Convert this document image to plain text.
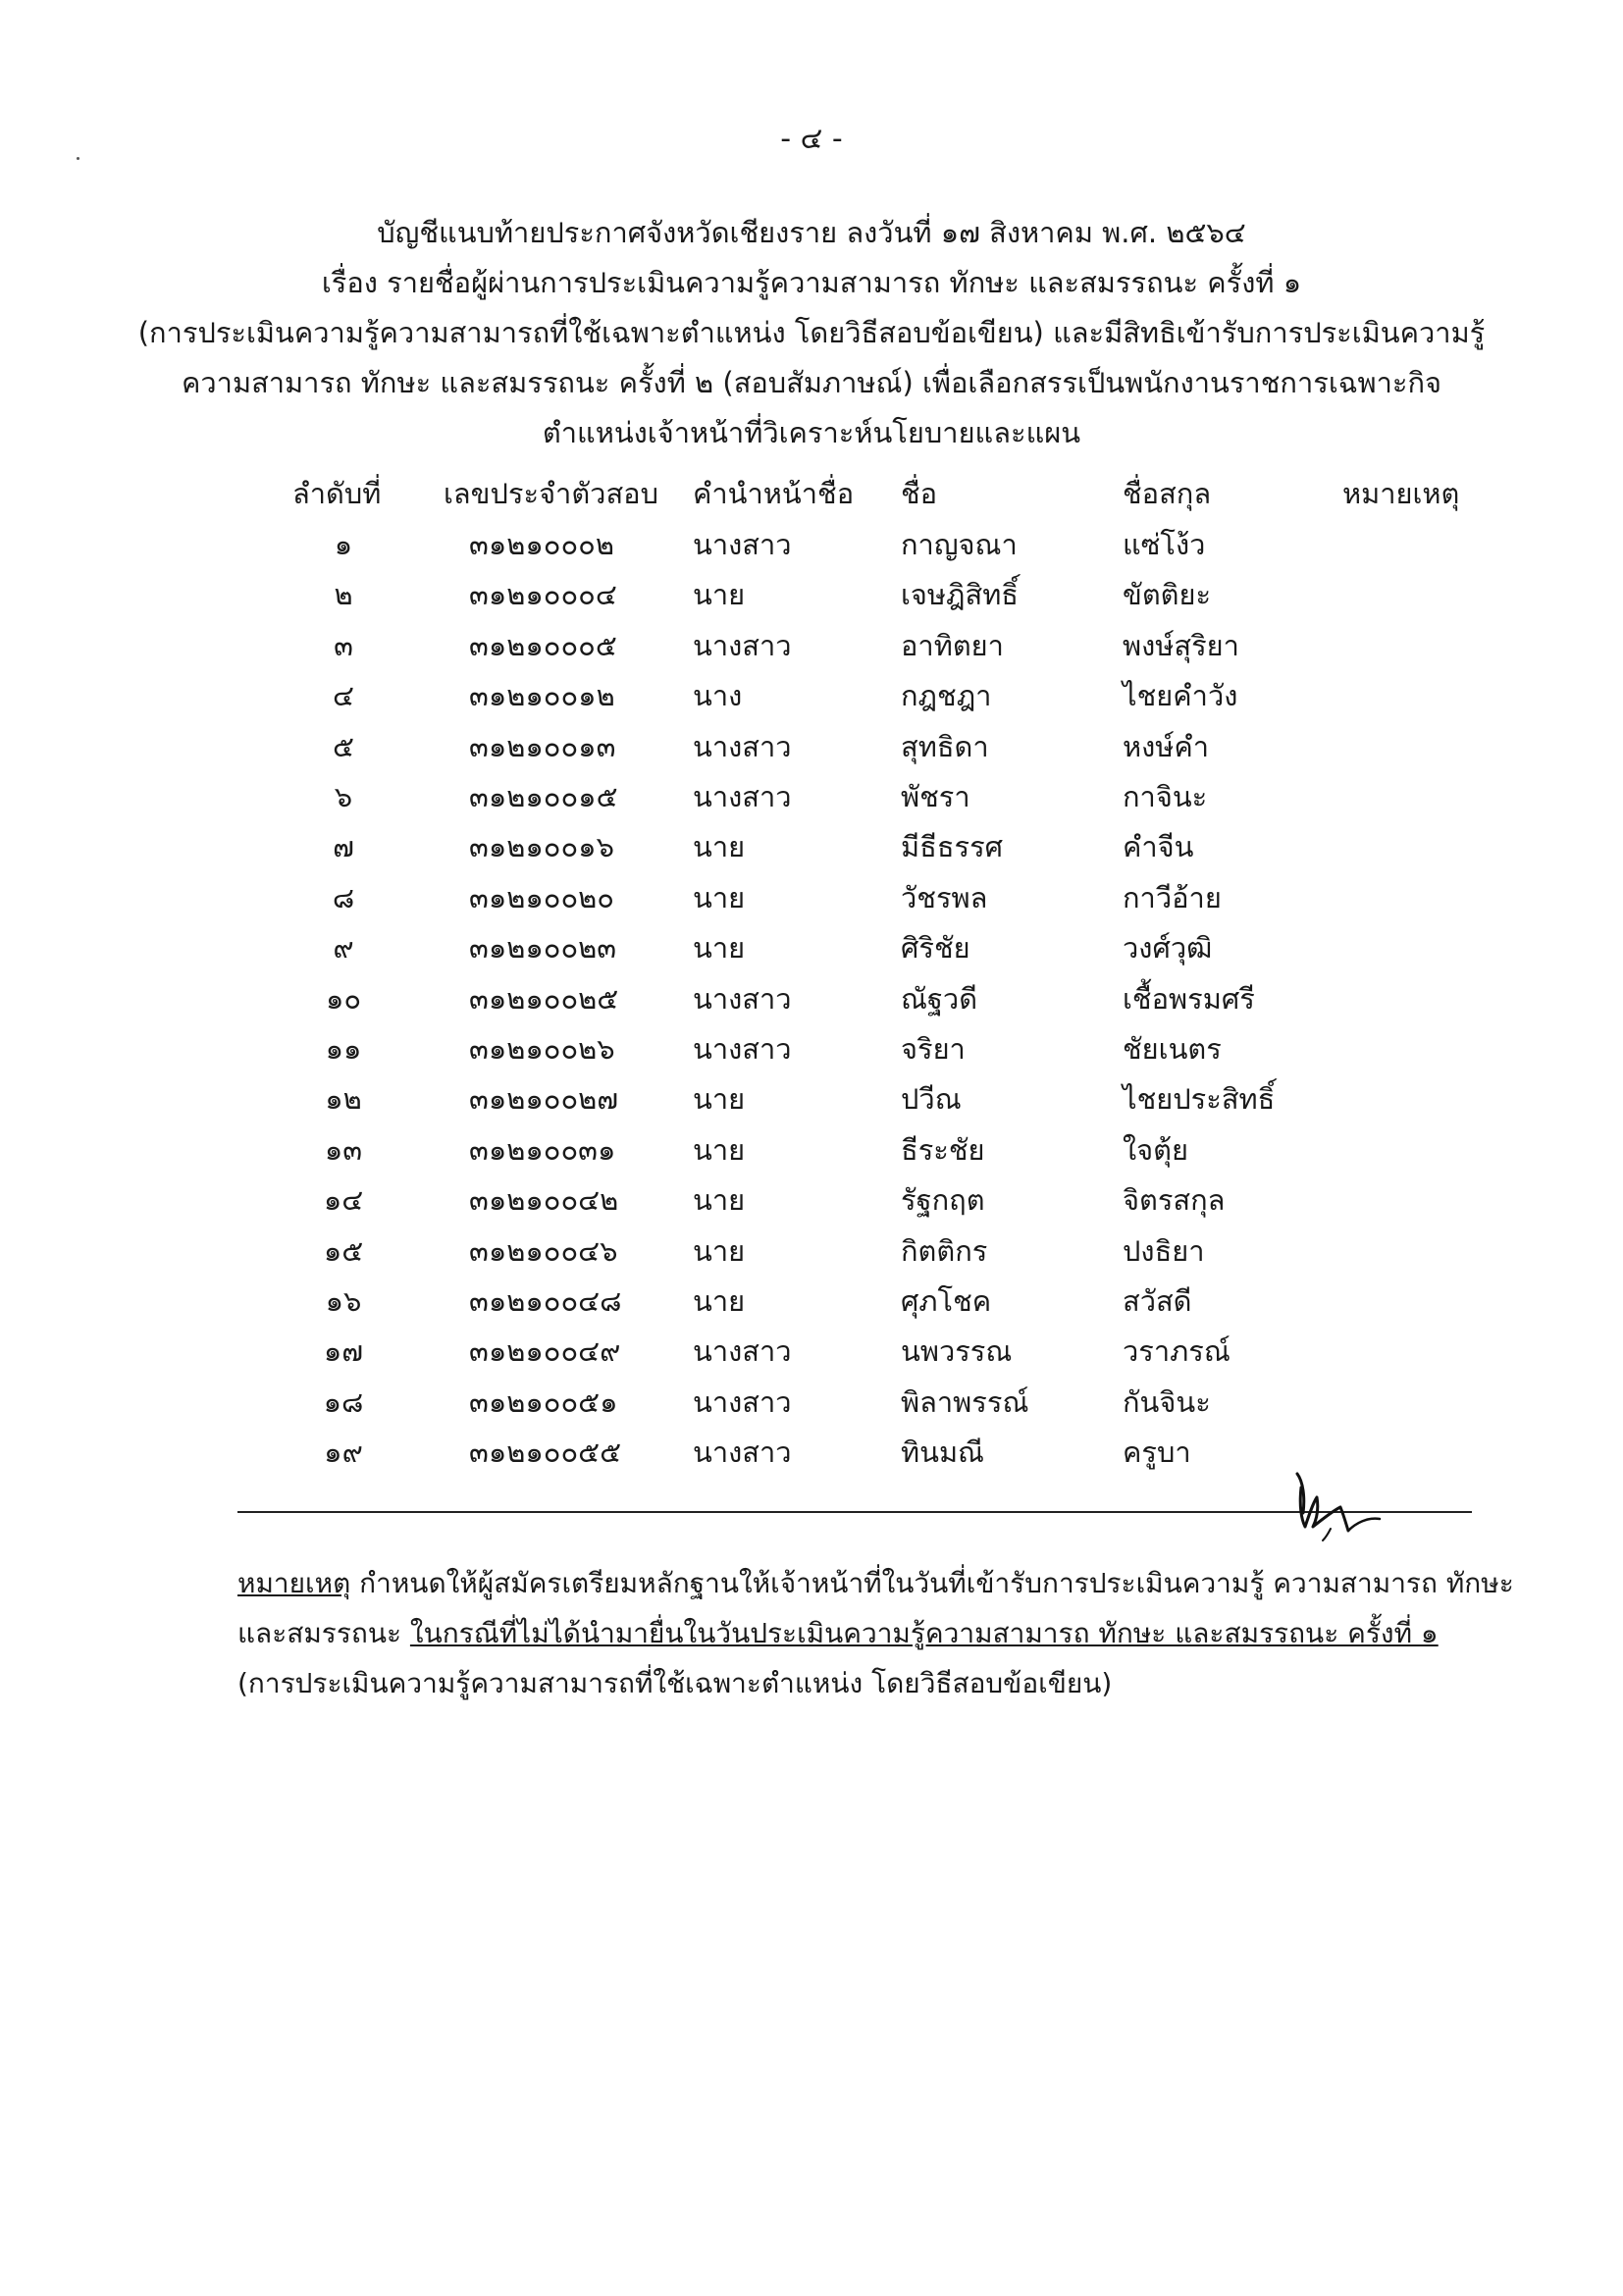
- ๔ -
บัญชีแนบท้ายประกาศจังหวัดเชียงราย ลงวันที่ ๑๗ สิงหาคม พ.ศ. ๒๕๖๔
เรื่อง รายชื่อผู้ผ่านการประเมินความรู้ความสามารถ ทักษะ และสมรรถนะ ครั้งที่ ๑
(การประเมินความรู้ความสามารถที่ใช้เฉพาะตำแหน่ง โดยวิธีสอบข้อเขียน) และมีสิทธิเข้ารับการประเมินความรู้
ความสามารถ ทักษะ และสมรรถนะ ครั้งที่ ๒ (สอบสัมภาษณ์) เพื่อเลือกสรรเป็นพนักงานราชการเฉพาะกิจ
ตำแหน่งเจ้าหน้าที่วิเคราะห์นโยบายและแผน
ลำดับที่ เลขประจำตัวสอบ คำนำหน้าชื่อ ชื่อ	ชื่อสกุล	หมายเหตุ
๑	๓๑๒๑๐๐๐๒	นางสาว	กาญจณา	แซ่โง้ว
๒	๓๑๒๑๐๐๐๔	นาย	เจษฎิสิทธิ์	ขัตติยะ
๓	๓๑๒๑๐๐๐๕	นางสาว	อาทิตยา	พงษ์สุริยา
๔	๓๑๒๑๐๐๑๒	นาง	กฎชฎา	ไชยคำวัง
๕	๓๑๒๑๐๐๑๓	นางสาว	สุทธิดา	หงษ์คำ
๖	๓๑๒๑๐๐๑๕	นางสาว	พัชรา	กาจินะ
๗	๓๑๒๑๐๐๑๖	นาย	มีธีธรรศ	คำจีน
๘	๓๑๒๑๐๐๒๐	นาย	วัชรพล	กาวีอ้าย
๙	๓๑๒๑๐๐๒๓	นาย	ศิริชัย	วงศ์วุฒิ
๑๐	๓๑๒๑๐๐๒๕	นางสาว	ณัฐวดี	เชื้อพรมศรี
๑๑	๓๑๒๑๐๐๒๖	นางสาว	จริยา	ชัยเนตร
๑๒	๓๑๒๑๐๐๒๗	นาย	ปวีณ	ไชยประสิทธิ์
๑๓	๓๑๒๑๐๐๓๑	นาย	ธีระชัย	ใจตุ้ย
๑๔	๓๑๒๑๐๐๔๒	นาย	รัฐกฤต	จิตรสกุล
๑๕	๓๑๒๑๐๐๔๖	นาย	กิตติกร	ปงธิยา
๑๖	๓๑๒๑๐๐๔๘	นาย	ศุภโชค	สวัสดี
๑๗	๓๑๒๑๐๐๔๙	นางสาว	นพวรรณ	วราภรณ์
๑๘	๓๑๒๑๐๐๕๑	นางสาว	พิลาพรรณ์	กันจินะ
๑๙	๓๑๒๑๐๐๕๕	นางสาว	ทินมณี	ครูบา
หมายเหตุ กำหนดให้ผู้สมัครเตรียมหลักฐานให้เจ้าหน้าที่ในวันที่เข้ารับการประเมินความรู้ ความสามารถ ทักษะ
และสมรรถนะ ในกรณีที่ไม่ได้นำมายื่นในวันประเมินความรู้ความสามารถ ทักษะ และสมรรถนะ ครั้งที่ ๑
(การประเมินความรู้ความสามารถที่ใช้เฉพาะตำแหน่ง โดยวิธีสอบข้อเขียน)
